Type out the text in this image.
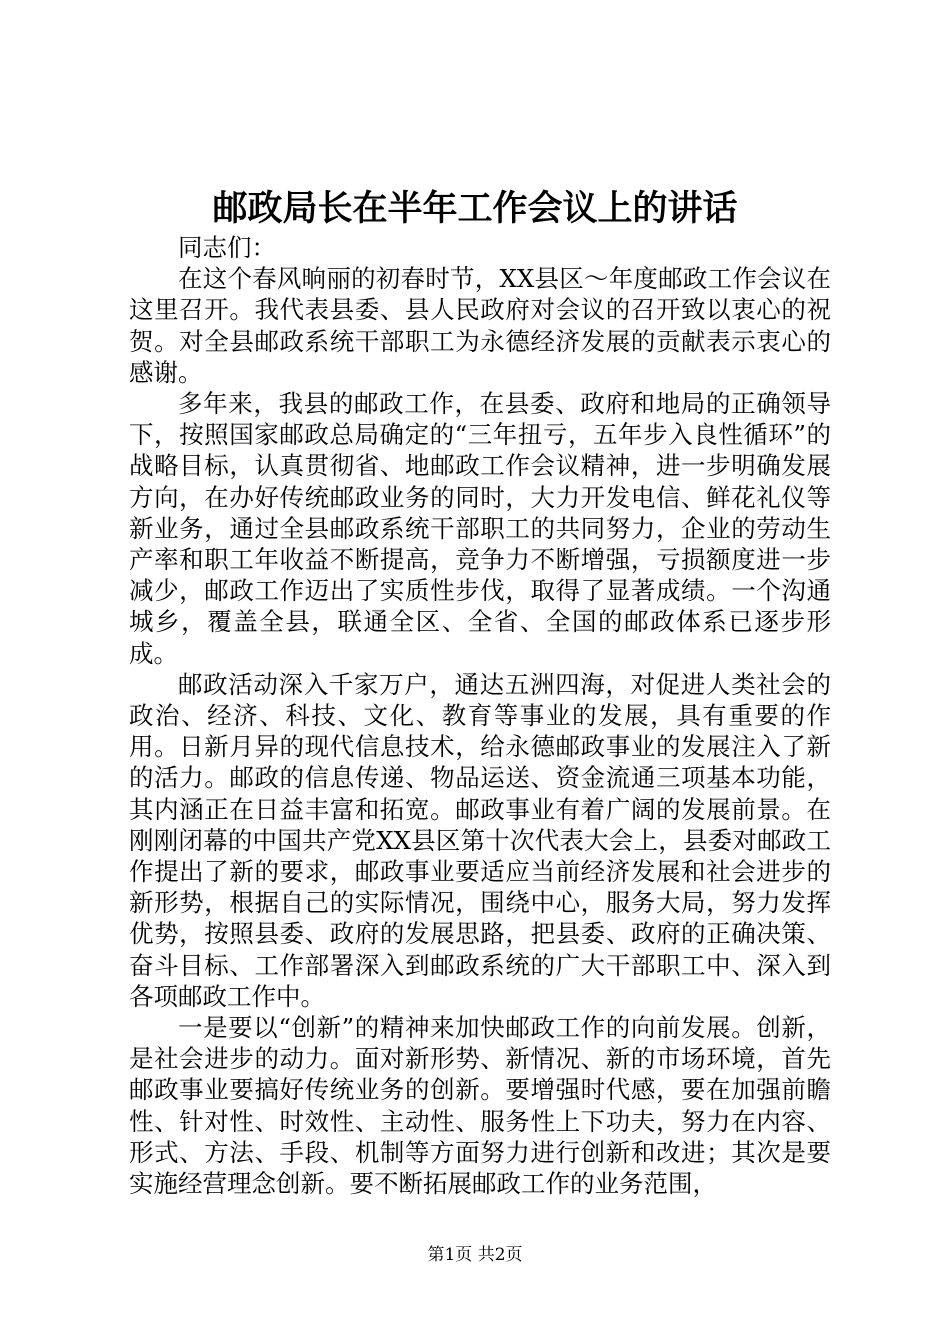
邮政局长在半年工作会议上的讲话

同志们：

在这个春风晌丽的初春时节，XX县区～年度邮政工作会议在这里召开。我代表县委、县人民政府对会议的召开致以衷心的祝贺。对全县邮政系统干部职工为永德经济发展的贡献表示衷心的感谢。

多年来，我县的邮政工作，在县委、政府和地局的正确领导下，按照国家邮政总局确定的“三年扭亏，五年步入良性循环”的战略目标，认真贯彻省、地邮政工作会议精神，进一步明确发展方向，在办好传统邮政业务的同时，大力开发电信、鲜花礼仪等新业务，通过全县邮政系统干部职工的共同努力，企业的劳动生产率和职工年收益不断提高，竞争力不断增强，亏损额度进一步减少，邮政工作迈出了实质性步伐，取得了显著成绩。一个沟通城乡，覆盖全县，联通全区、全省、全国的邮政体系已逐步形成。

邮政活动深入千家万户，通达五洲四海，对促进人类社会的政治、经济、科技、文化、教育等事业的发展，具有重要的作用。日新月异的现代信息技术，给永德邮政事业的发展注入了新的活力。邮政的信息传递、物品运送、资金流通三项基本功能，其内涵正在日益丰富和拓宽。邮政事业有着广阔的发展前景。在刚刚闭幕的中国共产党XX县区第十次代表大会上，县委对邮政工作提出了新的要求，邮政事业要适应当前经济发展和社会进步的新形势，根据自己的实际情况，围绕中心，服务大局，努力发挥优势，按照县委、政府的发展思路，把县委、政府的正确决策、奋斗目标、工作部署深入到邮政系统的广大干部职工中、深入到各项邮政工作中。

一是要以“创新”的精神来加快邮政工作的向前发展。创新，是社会进步的动力。面对新形势、新情况、新的市场环境，首先邮政事业要搞好传统业务的创新。要增强时代感，要在加强前瞻性、针对性、时效性、主动性、服务性上下功夫，努力在内容、形式、方法、手段、机制等方面努力进行创新和改进；其次是要实施经营理念创新。要不断拓展邮政工作的业务范围，

第1页 共2页
